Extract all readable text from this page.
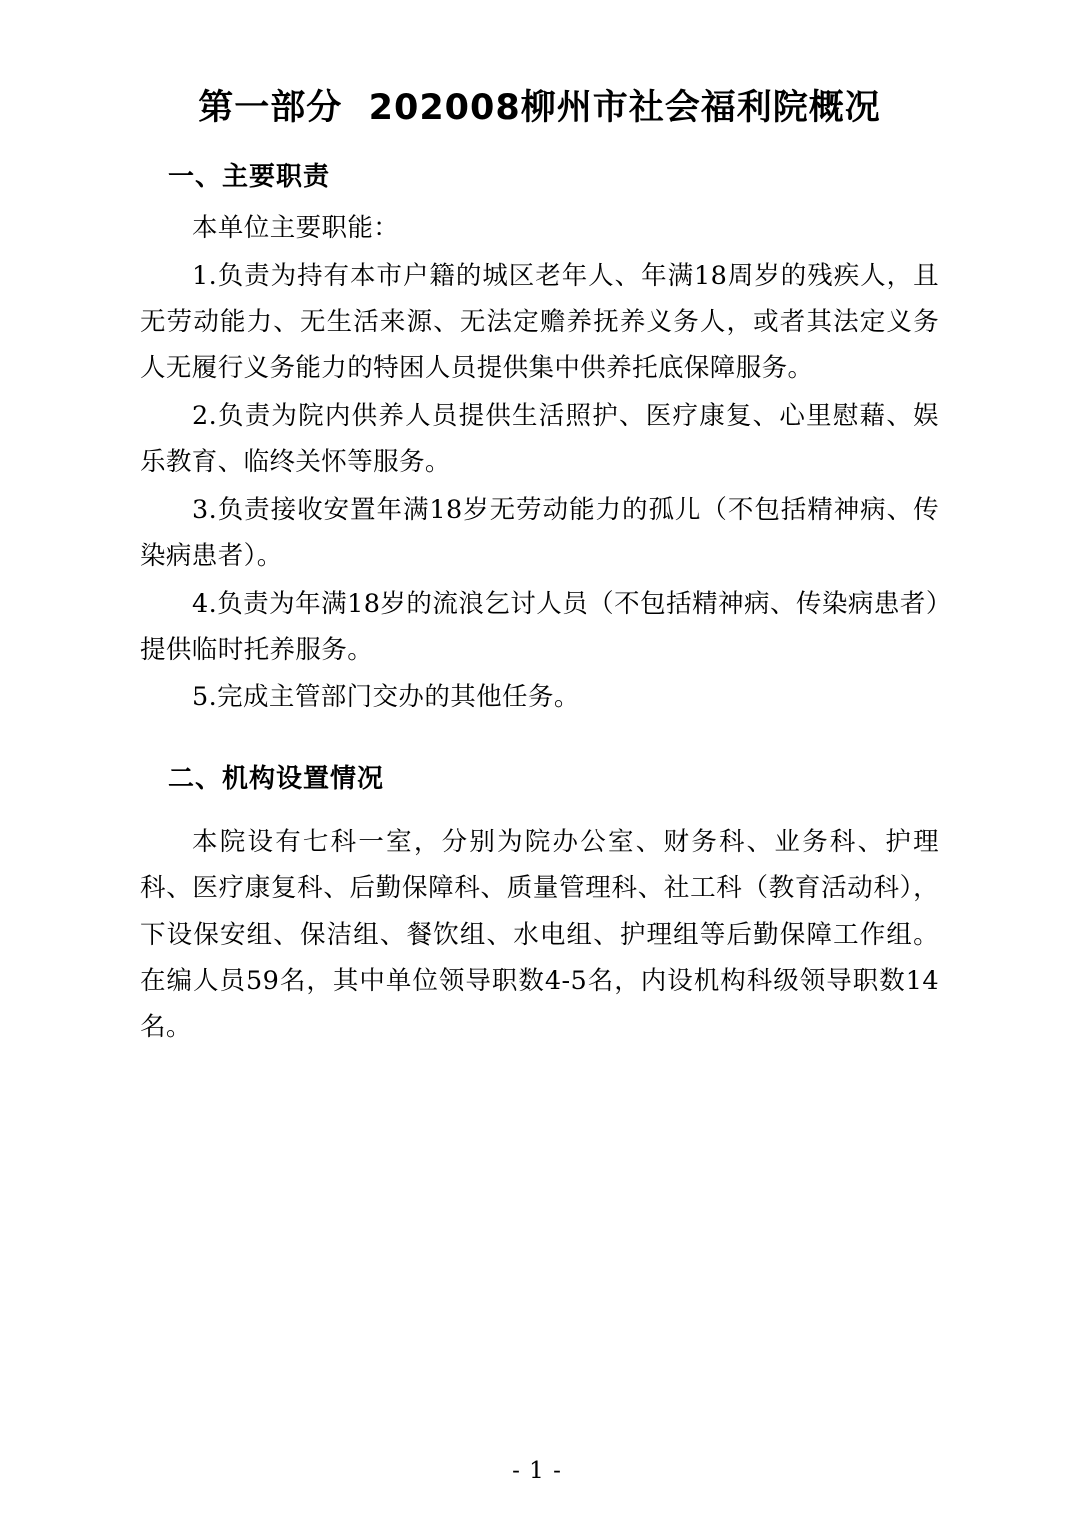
第一部分  202008柳州市社会福利院概况
一、主要职责

本单位主要职能：

1.负责为持有本市户籍的城区老年人、年满18周岁的残疾人，且无劳动能力、无生活来源、无法定赡养抚养义务人，或者其法定义务人无履行义务能力的特困人员提供集中供养托底保障服务。

2.负责为院内供养人员提供生活照护、医疗康复、心里慰藉、娱乐教育、临终关怀等服务。

3.负责接收安置年满18岁无劳动能力的孤儿（不包括精神病、传染病患者）。

4.负责为年满18岁的流浪乞讨人员（不包括精神病、传染病患者）提供临时托养服务。

5.完成主管部门交办的其他任务。

二、机构设置情况

本院设有七科一室，分别为院办公室、财务科、业务科、护理科、医疗康复科、后勤保障科、质量管理科、社工科（教育活动科），下设保安组、保洁组、餐饮组、水电组、护理组等后勤保障工作组。在编人员59名，其中单位领导职数4-5名，内设机构科级领导职数14名。

- 1 -
